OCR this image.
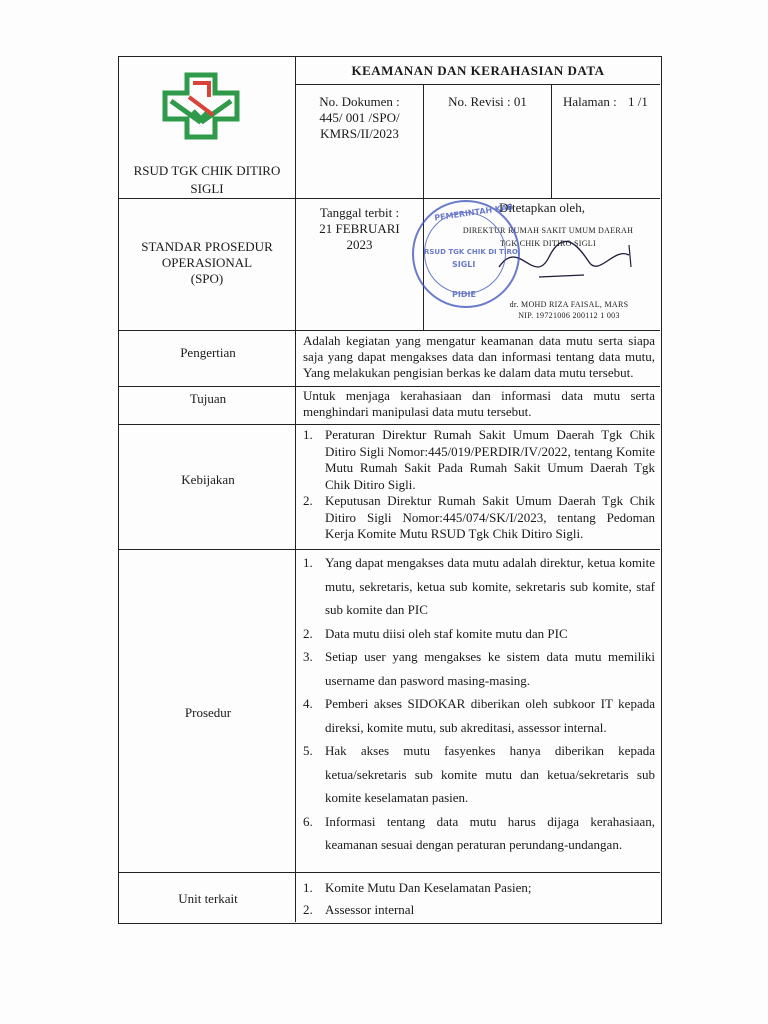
RSUD TGK CHIK DITIRO
SIGLI
KEAMANAN DAN KERAHASIAN DATA
No. Dokumen :
445/ 001 /SPO/
KMRS/II/2023
No. Revisi : 01	Halaman : 1 /1
STANDAR PROSEDUR
OPERASIONAL
(SPO)
Tanggal terbit :
21 FEBRUARI
2023
Ditetapkan oleh,
DIREKTUR RUMAH SAKIT UMUM DAERAH
TGK CHIK DITIRO SIGLI
dr. MOHD RIZA FAISAL, MARS
NIP. 19721006 200112 1 003
Pengertian
Adalah kegiatan yang mengatur keamanan data mutu serta siapa saja yang dapat mengakses data dan informasi tentang data mutu, Yang melakukan pengisian berkas ke dalam data mutu tersebut.
Tujuan	Untuk menjaga kerahasiaan dan informasi data mutu serta menghindari manipulasi data mutu tersebut.
Kebijakan
1. Peraturan Direktur Rumah Sakit Umum Daerah Tgk Chik Ditiro Sigli Nomor:445/019/PERDIR/IV/2022, tentang Komite Mutu Rumah Sakit Pada Rumah Sakit Umum Daerah Tgk Chik Ditiro Sigli.
2. Keputusan Direktur Rumah Sakit Umum Daerah Tgk Chik Ditiro Sigli Nomor:445/074/SK/I/2023, tentang Pedoman Kerja Komite Mutu RSUD Tgk Chik Ditiro Sigli.
Prosedur
1. Yang dapat mengakses data mutu adalah direktur, ketua komite mutu, sekretaris, ketua sub komite, sekretaris sub komite, staf sub komite dan PIC
2. Data mutu diisi oleh staf komite mutu dan PIC
3. Setiap user yang mengakses ke sistem data mutu memiliki username dan pasword masing-masing.
4. Pemberi akses SIDOKAR diberikan oleh subkoor IT kepada direksi, komite mutu, sub akreditasi, assessor internal.
5. Hak akses mutu fasyenkes hanya diberikan kepada ketua/sekretaris sub komite mutu dan ketua/sekretaris sub komite keselamatan pasien.
6. Informasi tentang data mutu harus dijaga kerahasiaan, keamanan sesuai dengan peraturan perundang-undangan.
Unit terkait
1. Komite Mutu Dan Keselamatan Pasien;
2. Assessor internal
PEMERINTAH KAB
RSUD TGK CHIK DI TIRO
SIGLI
PIDIE
